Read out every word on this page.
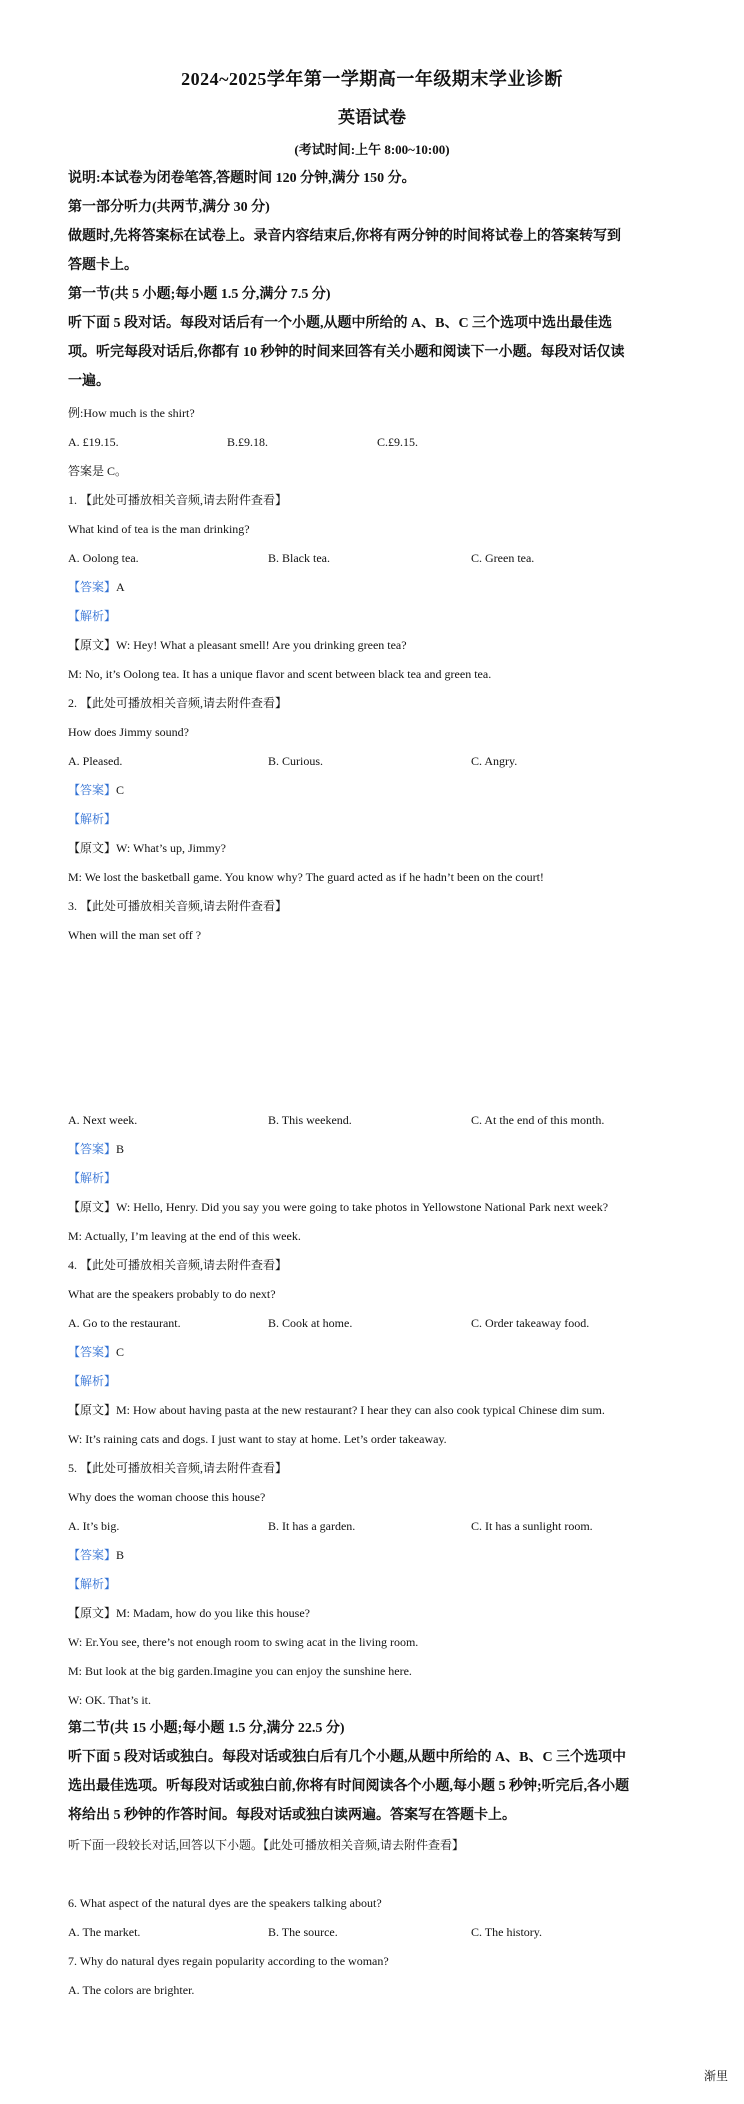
2024~2025学年第一学期高一年级期末学业诊断
英语试卷
(考试时间:上午 8:00~10:00)
说明:本试卷为闭卷笔答,答题时间 120 分钟,满分 150 分。
第一部分听力(共两节,满分 30 分)
做题时,先将答案标在试卷上。录音内容结束后,你将有两分钟的时间将试卷上的答案转写到
答题卡上。
第一节(共 5 小题;每小题 1.5 分,满分 7.5 分)
听下面 5 段对话。每段对话后有一个小题,从题中所给的 A、B、C 三个选项中选出最佳选
项。听完每段对话后,你都有 10 秒钟的时间来回答有关小题和阅读下一小题。每段对话仅读
一遍。
例:How much is the shirt?
A. £19.15.	B.£9.18.	C.£9.15.
答案是 C。
1. 【此处可播放相关音频,请去附件查看】
What kind of tea is the man drinking?
A. Oolong tea.	B. Black tea.	C. Green tea.
【答案】A
【解析】
【原文】W: Hey! What a pleasant smell! Are you drinking green tea?
M: No, it’s Oolong tea. It has a unique flavor and scent between black tea and green tea.
2. 【此处可播放相关音频,请去附件查看】
How does Jimmy sound?
A. Pleased.	B. Curious.	C. Angry.
【答案】C
【解析】
【原文】W: What’s up, Jimmy?
M: We lost the basketball game. You know why? The guard acted as if he hadn’t been on the court!
3. 【此处可播放相关音频,请去附件查看】
When will the man set off ?
A. Next week.	B. This weekend.	C. At the end of this month.
【答案】B
【解析】
【原文】W: Hello, Henry. Did you say you were going to take photos in Yellowstone National Park next week?
M: Actually, I’m leaving at the end of this week.
4. 【此处可播放相关音频,请去附件查看】
What are the speakers probably to do next?
A. Go to the restaurant.	B. Cook at home.	C. Order takeaway food.
【答案】C
【解析】
【原文】M: How about having pasta at the new restaurant? I hear they can also cook typical Chinese dim sum.
W: It’s raining cats and dogs. I just want to stay at home. Let’s order takeaway.
5. 【此处可播放相关音频,请去附件查看】
Why does the woman choose this house?
A. It’s big.	B. It has a garden.	C. It has a sunlight room.
【答案】B
【解析】
【原文】M: Madam, how do you like this house?
W: Er.You see, there’s not enough room to swing acat in the living room.
M: But look at the big garden.Imagine you can enjoy the sunshine here.
W: OK. That’s it.
第二节(共 15 小题;每小题 1.5 分,满分 22.5 分)
听下面 5 段对话或独白。每段对话或独白后有几个小题,从题中所给的 A、B、C 三个选项中
选出最佳选项。听每段对话或独白前,你将有时间阅读各个小题,每小题 5 秒钟;听完后,各小题
将给出 5 秒钟的作答时间。每段对话或独白读两遍。答案写在答题卡上。
听下面一段较长对话,回答以下小题。【此处可播放相关音频,请去附件查看】
6. What aspect of the natural dyes are the speakers talking about?
A. The market.	B. The source.	C. The history.
7. Why do natural dyes regain popularity according to the woman?
A. The colors are brighter.
渐里
